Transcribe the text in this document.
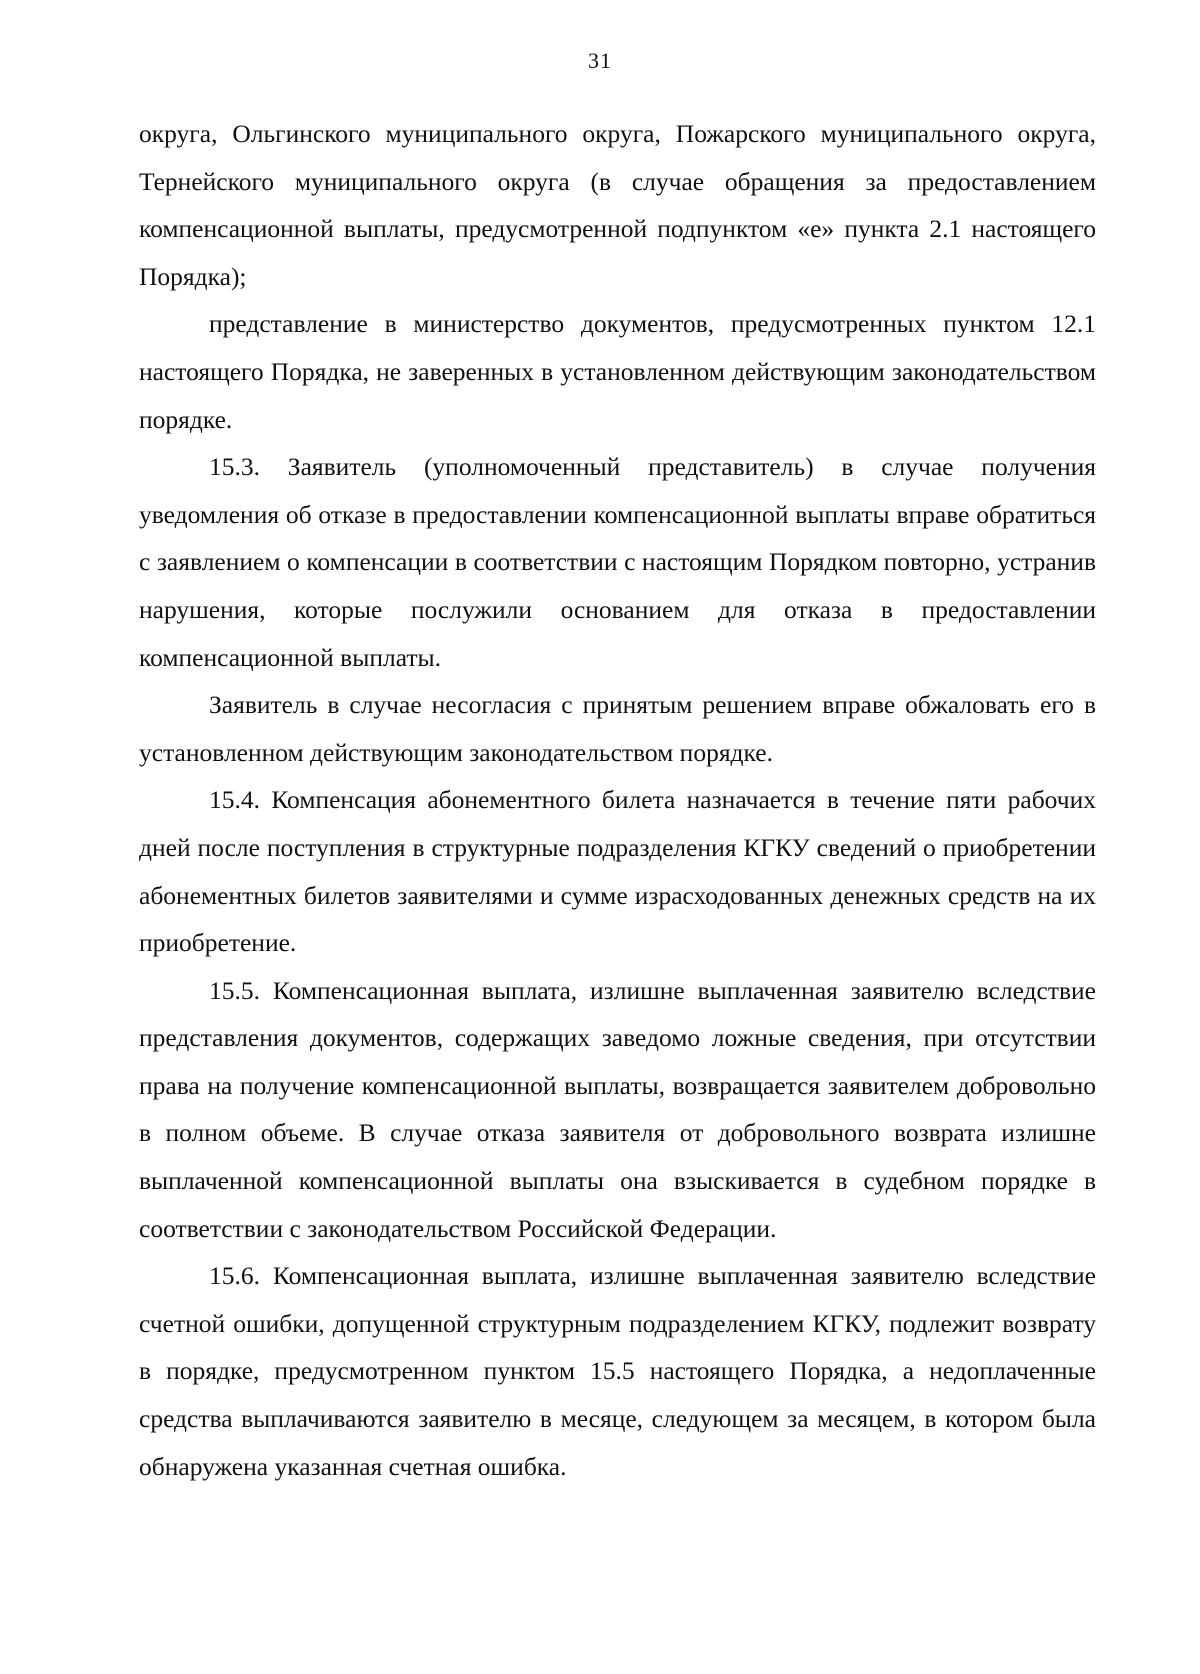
31

округа, Ольгинского муниципального округа, Пожарского муниципального округа, Тернейского муниципального округа (в случае обращения за предоставлением компенсационной выплаты, предусмотренной подпунктом «е» пункта 2.1 настоящего Порядка);

представление в министерство документов, предусмотренных пунктом 12.1 настоящего Порядка, не заверенных в установленном действующим законодательством порядке.

15.3. Заявитель (уполномоченный представитель) в случае получения уведомления об отказе в предоставлении компенсационной выплаты вправе обратиться с заявлением о компенсации в соответствии с настоящим Порядком повторно, устранив нарушения, которые послужили основанием для отказа в предоставлении компенсационной выплаты.

Заявитель в случае несогласия с принятым решением вправе обжаловать его в установленном действующим законодательством порядке.

15.4. Компенсация абонементного билета назначается в течение пяти рабочих дней после поступления в структурные подразделения КГКУ сведений о приобретении абонементных билетов заявителями и сумме израсходованных денежных средств на их приобретение.

15.5. Компенсационная выплата, излишне выплаченная заявителю вследствие представления документов, содержащих заведомо ложные сведения, при отсутствии права на получение компенсационной выплаты, возвращается заявителем добровольно в полном объеме. В случае отказа заявителя от добровольного возврата излишне выплаченной компенсационной выплаты она взыскивается в судебном порядке в соответствии с законодательством Российской Федерации.

15.6. Компенсационная выплата, излишне выплаченная заявителю вследствие счетной ошибки, допущенной структурным подразделением КГКУ, подлежит возврату в порядке, предусмотренном пунктом 15.5 настоящего Порядка, а недоплаченные средства выплачиваются заявителю в месяце, следующем за месяцем, в котором была обнаружена указанная счетная ошибка.
